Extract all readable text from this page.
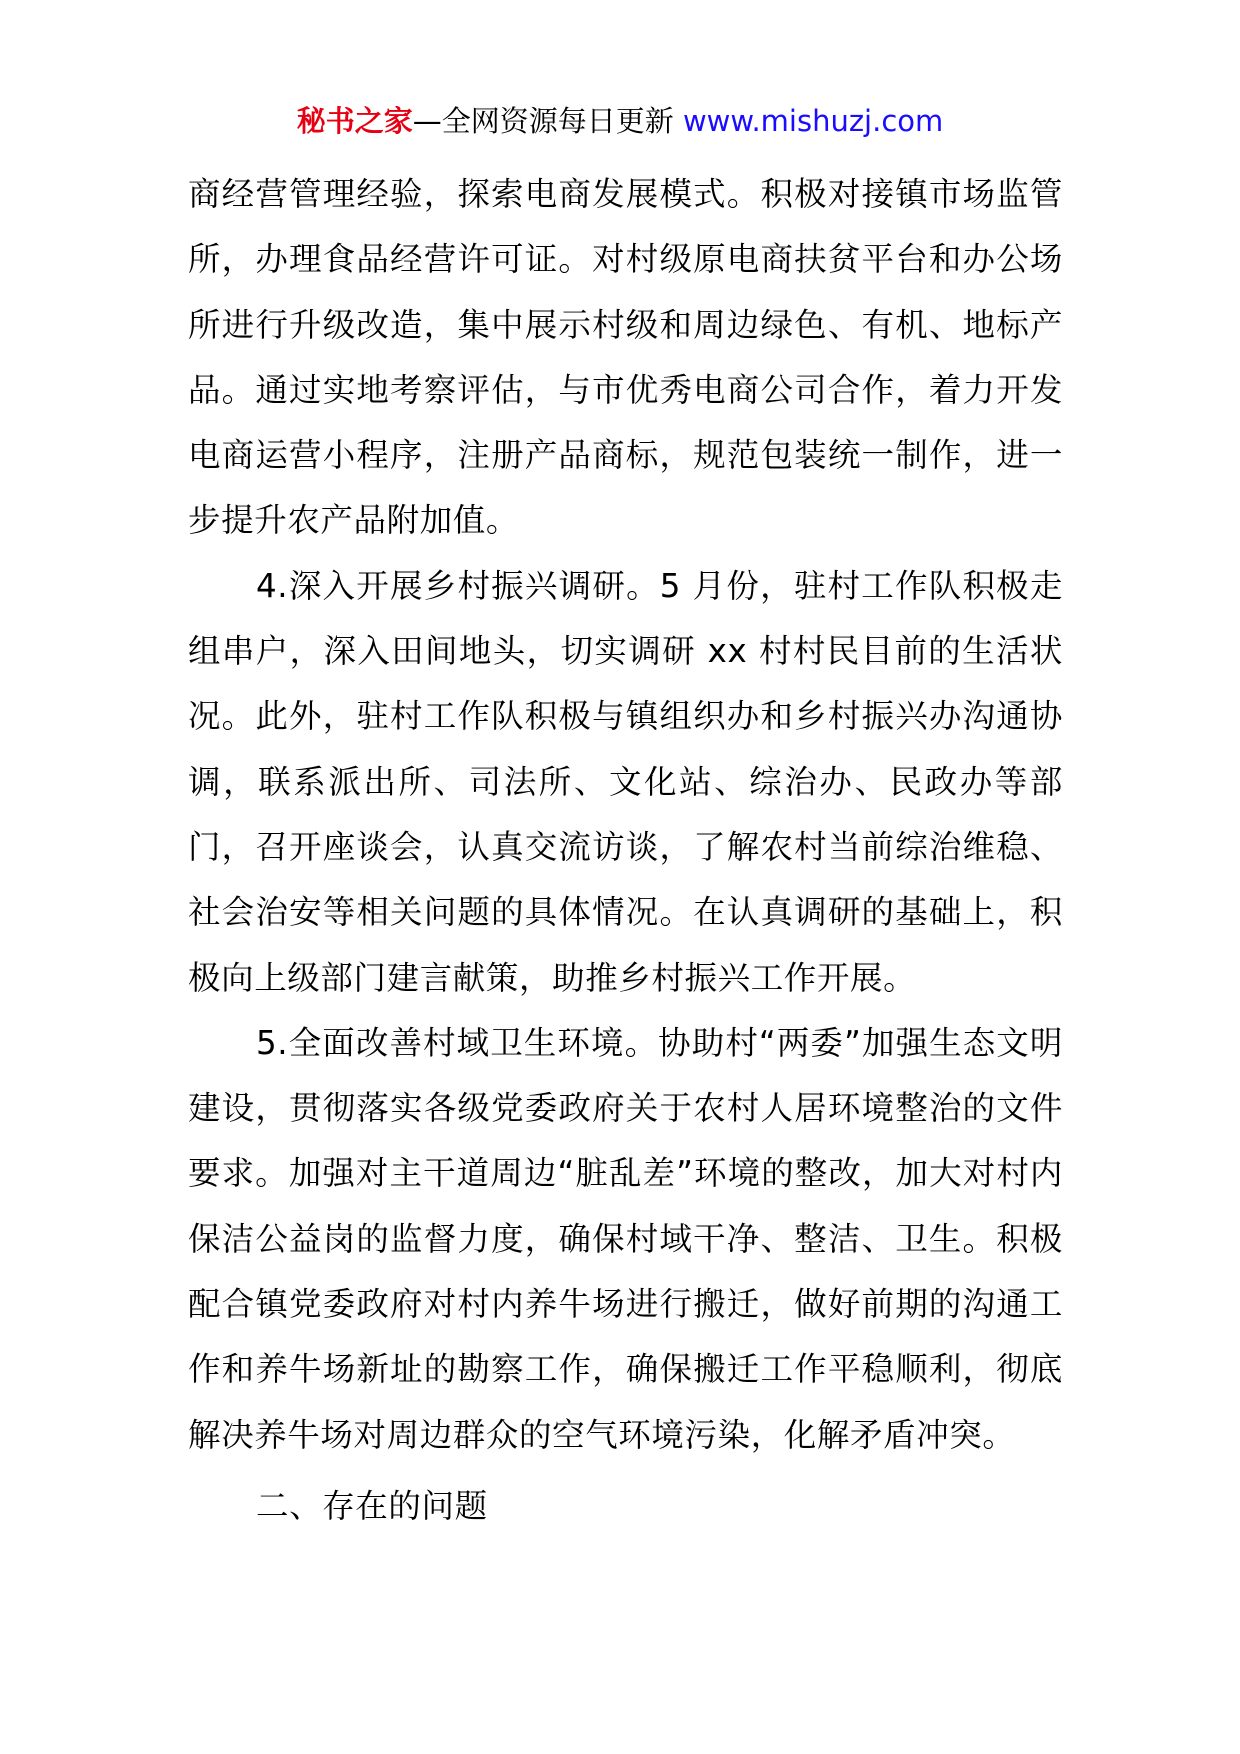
秘书之家—全网资源每日更新 www.mishuzj.com

商经营管理经验，探索电商发展模式。积极对接镇市场监管所，办理食品经营许可证。对村级原电商扶贫平台和办公场所进行升级改造，集中展示村级和周边绿色、有机、地标产品。通过实地考察评估，与市优秀电商公司合作，着力开发电商运营小程序，注册产品商标，规范包装统一制作，进一步提升农产品附加值。

4.深入开展乡村振兴调研。5 月份，驻村工作队积极走组串户，深入田间地头，切实调研 xx 村村民目前的生活状况。此外，驻村工作队积极与镇组织办和乡村振兴办沟通协调，联系派出所、司法所、文化站、综治办、民政办等部门，召开座谈会，认真交流访谈，了解农村当前综治维稳、社会治安等相关问题的具体情况。在认真调研的基础上，积极向上级部门建言献策，助推乡村振兴工作开展。

5.全面改善村域卫生环境。协助村“两委”加强生态文明建设，贯彻落实各级党委政府关于农村人居环境整治的文件要求。加强对主干道周边“脏乱差”环境的整改，加大对村内保洁公益岗的监督力度，确保村域干净、整洁、卫生。积极配合镇党委政府对村内养牛场进行搬迁，做好前期的沟通工作和养牛场新址的勘察工作，确保搬迁工作平稳顺利，彻底解决养牛场对周边群众的空气环境污染，化解矛盾冲突。

二、存在的问题
